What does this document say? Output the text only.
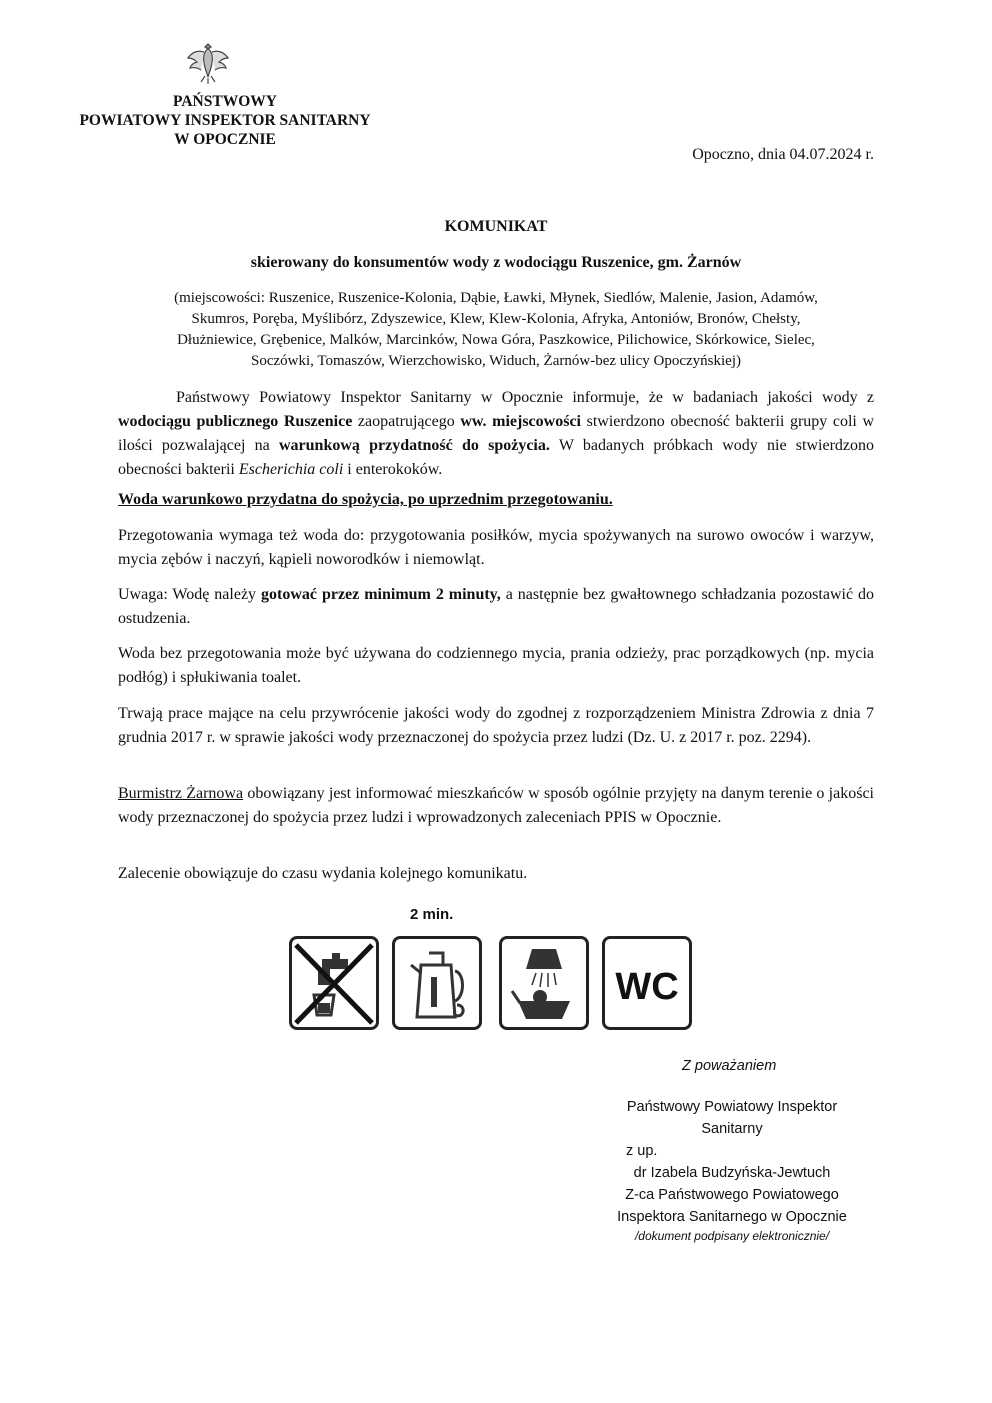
PAŃSTWOWY
POWIATOWY INSPEKTOR SANITARNY
W OPOCZNIE
Opoczno, dnia 04.07.2024 r.
KOMUNIKAT
skierowany do konsumentów wody z wodociągu Ruszenice, gm. Żarnów
(miejscowości: Ruszenice, Ruszenice-Kolonia, Dąbie, Ławki, Młynek, Siedlów, Malenie, Jasion, Adamów,
Skumros, Poręba, Myślibórz, Zdyszewice, Klew, Klew-Kolonia, Afryka, Antoniów, Bronów, Chełsty,
Dłużniewice, Grębenice, Malków, Marcinków, Nowa Góra, Paszkowice, Pilichowice, Skórkowice, Sielec,
Soczówki, Tomaszów, Wierzchowisko, Widuch, Żarnów-bez ulicy Opoczyńskiej)
Państwowy Powiatowy Inspektor Sanitarny w Opocznie informuje, że w badaniach jakości wody z wodociągu publicznego Ruszenice zaopatrującego ww. miejscowości stwierdzono obecność bakterii grupy coli w ilości pozwalającej na warunkową przydatność do spożycia. W badanych próbkach wody nie stwierdzono obecności bakterii Escherichia coli i enterokoków.
Woda warunkowo przydatna do spożycia, po uprzednim przegotowaniu.
Przegotowania wymaga też woda do: przygotowania posiłków, mycia spożywanych na surowo owoców i warzyw, mycia zębów i naczyń, kąpieli noworodków i niemowląt.
Uwaga: Wodę należy gotować przez minimum 2 minuty, a następnie bez gwałtownego schładzania pozostawić do ostudzenia.
Woda bez przegotowania może być używana do codziennego mycia, prania odzieży, prac porządkowych (np. mycia podłóg) i spłukiwania toalet.
Trwają prace mające na celu przywrócenie jakości wody do zgodnej z rozporządzeniem Ministra Zdrowia z dnia 7 grudnia 2017 r. w sprawie jakości wody przeznaczonej do spożycia przez ludzi (Dz. U. z 2017 r. poz. 2294).
Burmistrz Żarnowa obowiązany jest informować mieszkańców w sposób ogólnie przyjęty na danym terenie o jakości wody przeznaczonej do spożycia przez ludzi i wprowadzonych zaleceniach PPIS w Opocznie.
Zalecenie obowiązuje do czasu wydania kolejnego komunikatu.
2 min.
WC
Z poważaniem
Państwowy Powiatowy Inspektor
Sanitarny
z up.
dr Izabela Budzyńska-Jewtuch
Z-ca Państwowego Powiatowego
Inspektora Sanitarnego w Opocznie
/dokument podpisany elektronicznie/
